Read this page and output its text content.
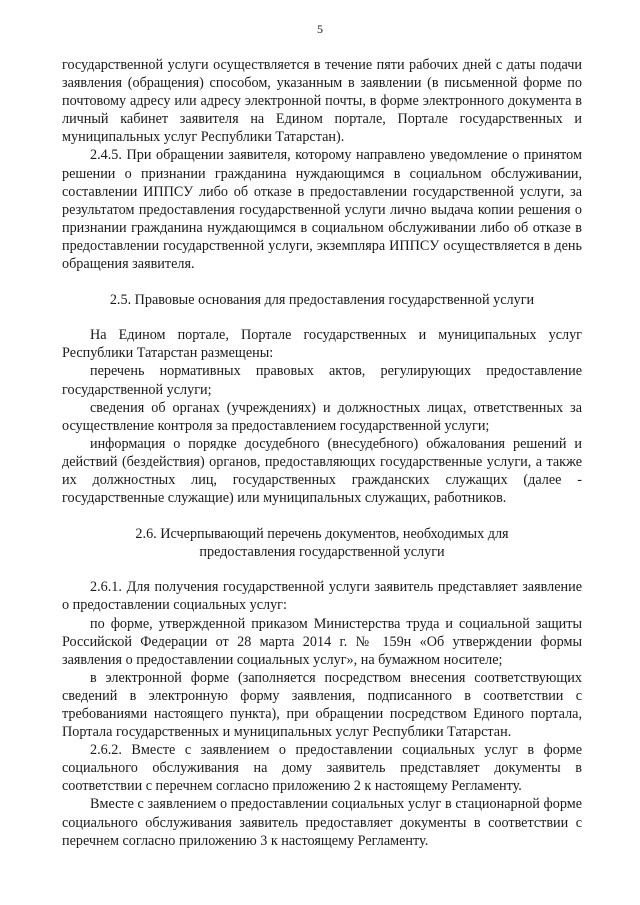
5

государственной услуги осуществляется в течение пяти рабочих дней с даты подачи заявления (обращения) способом, указанным в заявлении (в письменной форме по почтовому адресу или адресу электронной почты, в форме электронного документа в личный кабинет заявителя на Едином портале, Портале государственных и муниципальных услуг Республики Татарстан).

2.4.5. При обращении заявителя, которому направлено уведомление о принятом решении о признании гражданина нуждающимся в социальном обслуживании, составлении ИППСУ либо об отказе в предоставлении государственной услуги, за результатом предоставления государственной услуги лично выдача копии решения о признании гражданина нуждающимся в социальном обслуживании либо об отказе в предоставлении государственной услуги, экземпляра ИППСУ осуществляется в день обращения заявителя.

2.5. Правовые основания для предоставления государственной услуги

На Едином портале, Портале государственных и муниципальных услуг Республики Татарстан размещены:

перечень нормативных правовых актов, регулирующих предоставление государственной услуги;

сведения об органах (учреждениях) и должностных лицах, ответственных за осуществление контроля за предоставлением государственной услуги;

информация о порядке досудебного (внесудебного) обжалования решений и действий (бездействия) органов, предоставляющих государственные услуги, а также их должностных лиц, государственных гражданских служащих (далее - государственные служащие) или муниципальных служащих, работников.

2.6. Исчерпывающий перечень документов, необходимых для

предоставления государственной услуги

2.6.1. Для получения государственной услуги заявитель представляет заявление о предоставлении социальных услуг:

по форме, утвержденной приказом Министерства труда и социальной защиты Российской Федерации от 28 марта 2014 г. № 159н «Об утверждении формы заявления о предоставлении социальных услуг», на бумажном носителе;

в электронной форме (заполняется посредством внесения соответствующих сведений в электронную форму заявления, подписанного в соответствии с требованиями настоящего пункта), при обращении посредством Единого портала, Портала государственных и муниципальных услуг Республики Татарстан.

2.6.2. Вместе с заявлением о предоставлении социальных услуг в форме социального обслуживания на дому заявитель представляет документы в соответствии с перечнем согласно приложению 2 к настоящему Регламенту.

Вместе с заявлением о предоставлении социальных услуг в стационарной форме социального обслуживания заявитель предоставляет документы в соответствии с перечнем согласно приложению 3 к настоящему Регламенту.
